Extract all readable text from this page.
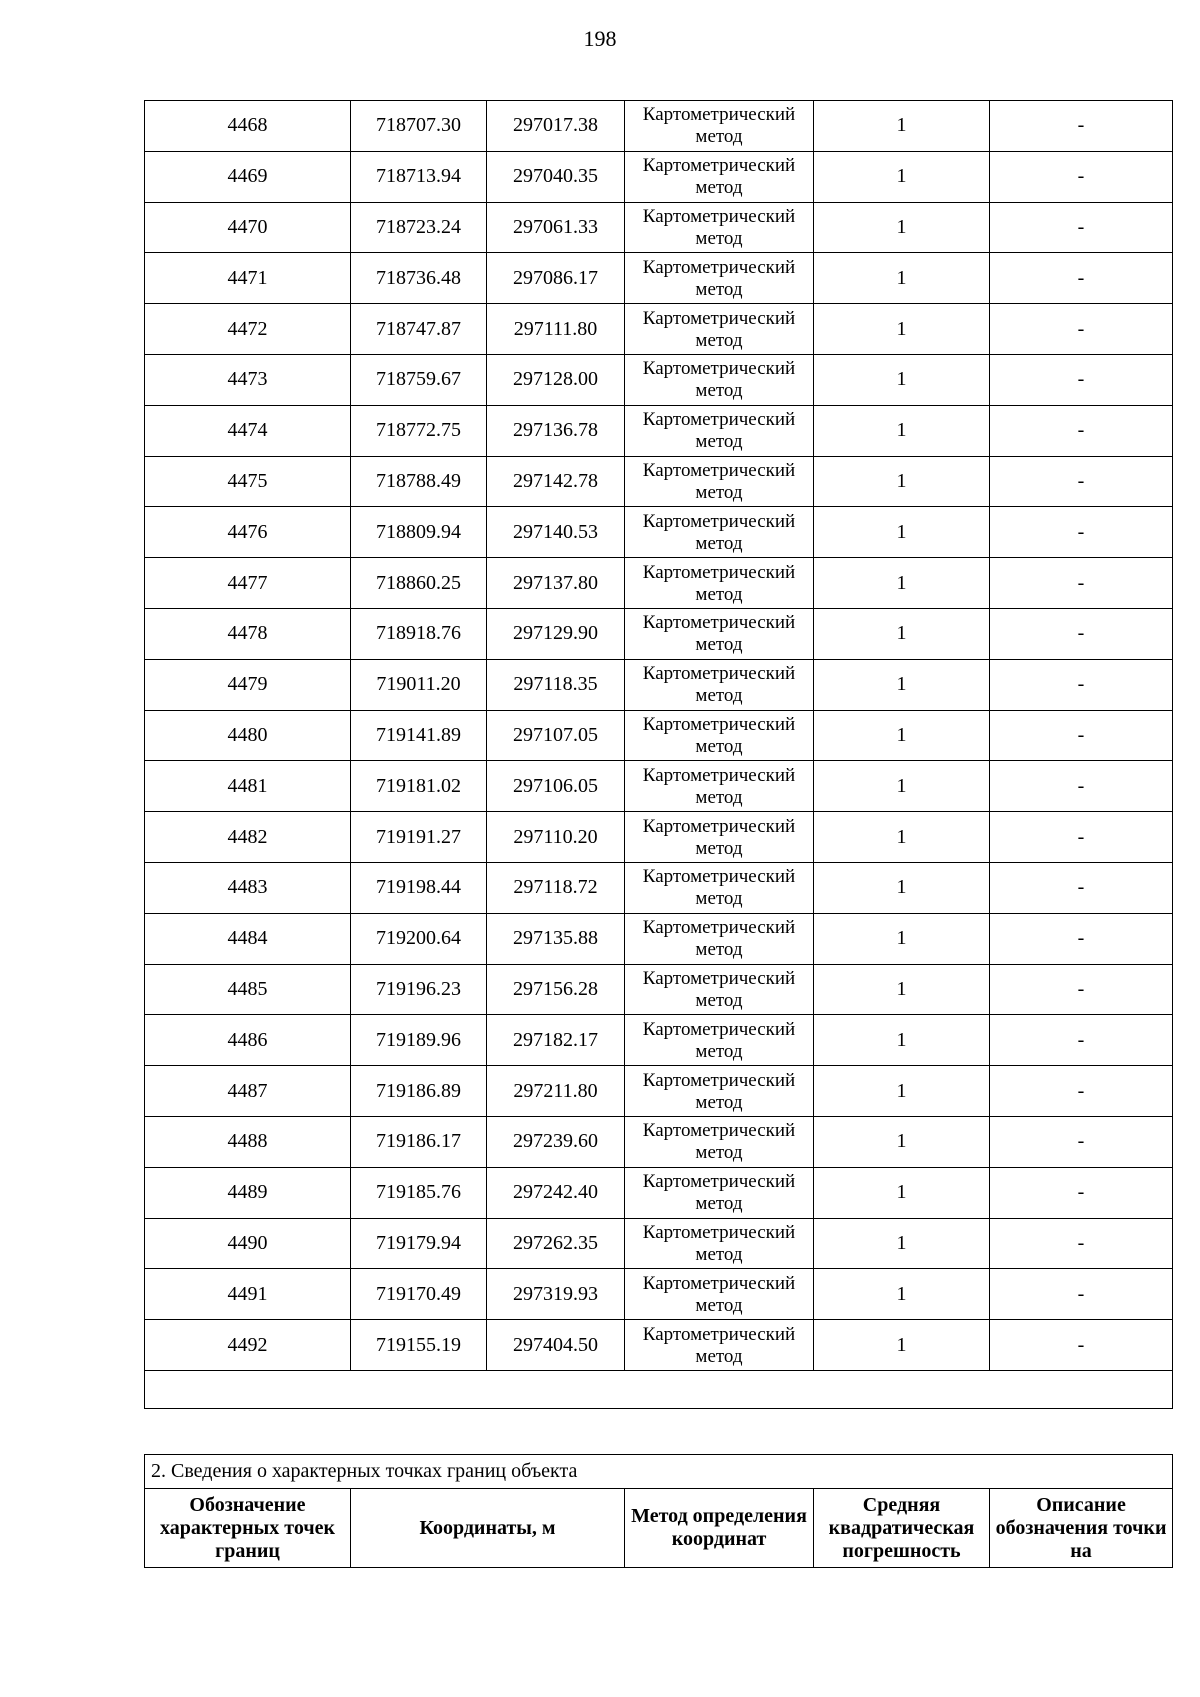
198
4468	718707.30	297017.38	Картометрический метод	1	-
4469	718713.94	297040.35	Картометрический метод	1	-
4470	718723.24	297061.33	Картометрический метод	1	-
4471	718736.48	297086.17	Картометрический метод	1	-
4472	718747.87	297111.80	Картометрический метод	1	-
4473	718759.67	297128.00	Картометрический метод	1	-
4474	718772.75	297136.78	Картометрический метод	1	-
4475	718788.49	297142.78	Картометрический метод	1	-
4476	718809.94	297140.53	Картометрический метод	1	-
4477	718860.25	297137.80	Картометрический метод	1	-
4478	718918.76	297129.90	Картометрический метод	1	-
4479	719011.20	297118.35	Картометрический метод	1	-
4480	719141.89	297107.05	Картометрический метод	1	-
4481	719181.02	297106.05	Картометрический метод	1	-
4482	719191.27	297110.20	Картометрический метод	1	-
4483	719198.44	297118.72	Картометрический метод	1	-
4484	719200.64	297135.88	Картометрический метод	1	-
4485	719196.23	297156.28	Картометрический метод	1	-
4486	719189.96	297182.17	Картометрический метод	1	-
4487	719186.89	297211.80	Картометрический метод	1	-
4488	719186.17	297239.60	Картометрический метод	1	-
4489	719185.76	297242.40	Картометрический метод	1	-
4490	719179.94	297262.35	Картометрический метод	1	-
4491	719170.49	297319.93	Картометрический метод	1	-
4492	719155.19	297404.50	Картометрический метод	1	-

2. Сведения о характерных точках границ объекта
Обозначение характерных точек границ	Координаты, м	Метод определения координат	Средняя квадратическая погрешность	Описание обозначения точки на
